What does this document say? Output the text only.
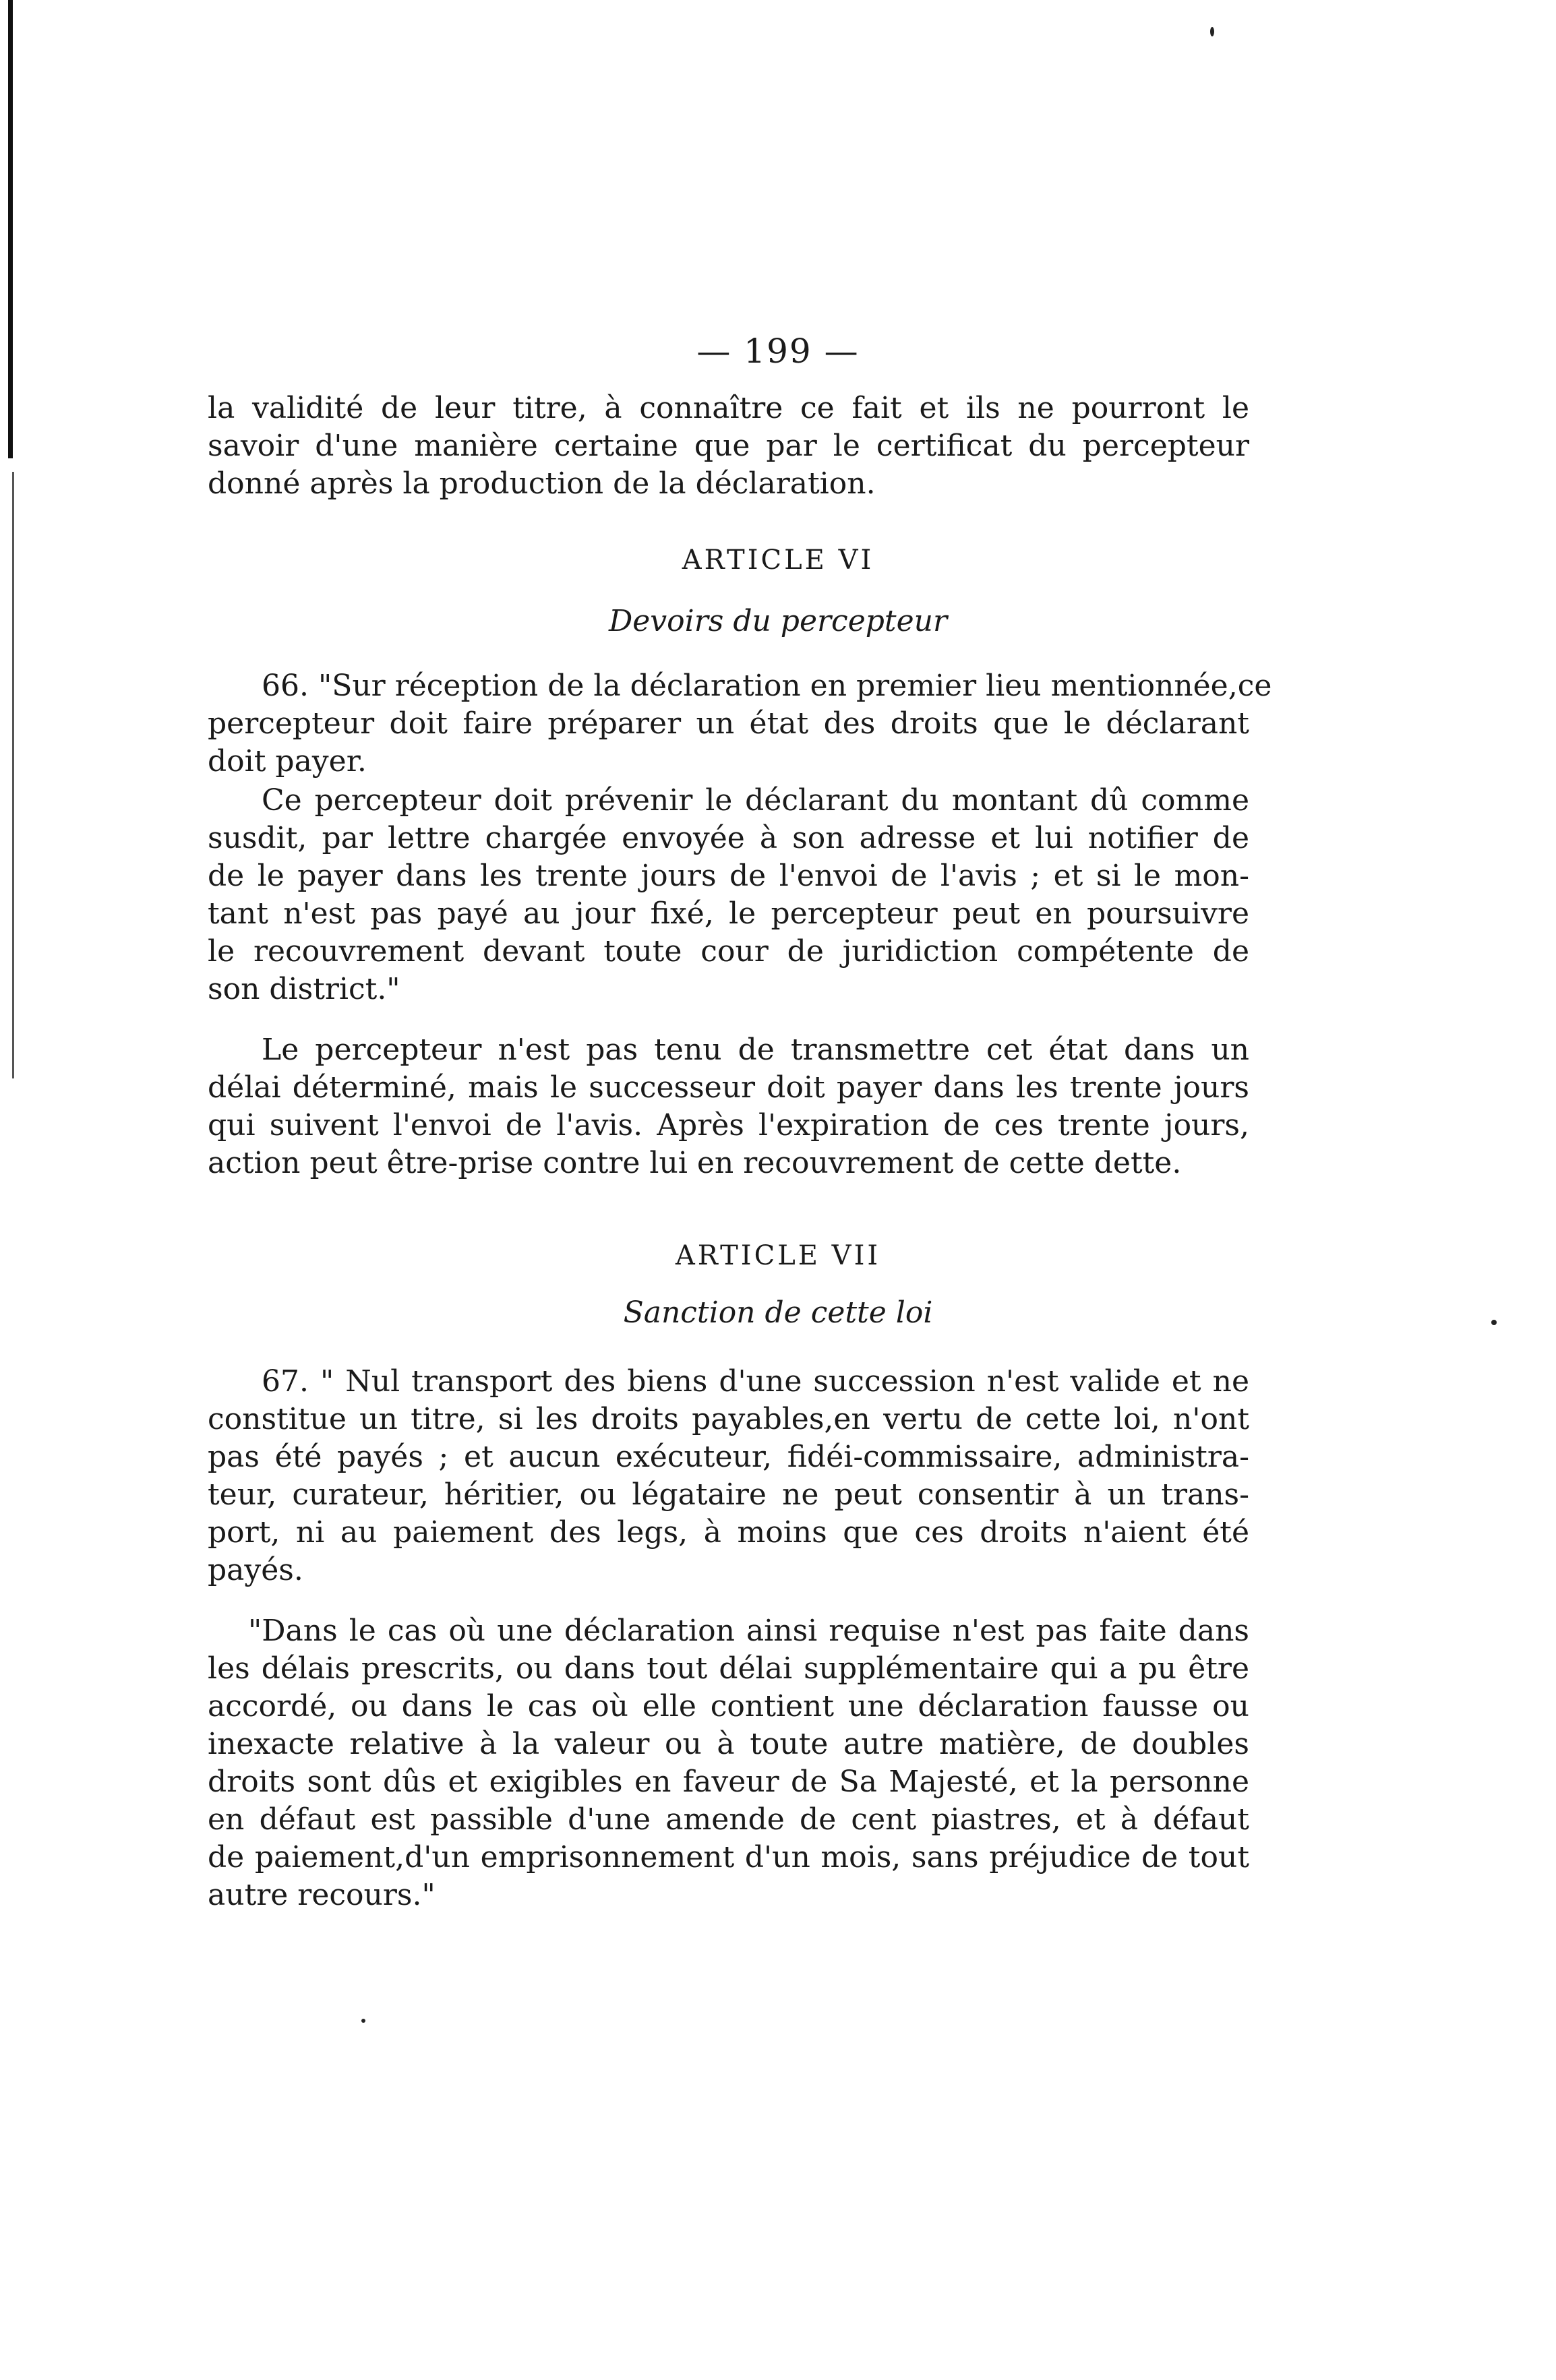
— 199 —
la validité de leur titre, à connaître ce fait et ils ne pourront le
savoir d'une manière certaine que par le certificat du percepteur
donné après la production de la déclaration.
ARTICLE VI
Devoirs du percepteur
66. "Sur réception de la déclaration en premier lieu mentionnée,ce
percepteur doit faire préparer un état des droits que le déclarant
doit payer.
Ce percepteur doit prévenir le déclarant du montant dû comme
susdit, par lettre chargée envoyée à son adresse et lui notifier de
de le payer dans les trente jours de l'envoi de l'avis ; et si le mon-
tant n'est pas payé au jour fixé, le percepteur peut en poursuivre
le recouvrement devant toute cour de juridiction compétente de
son district."
Le percepteur n'est pas tenu de transmettre cet état dans un
délai déterminé, mais le successeur doit payer dans les trente jours
qui suivent l'envoi de l'avis. Après l'expiration de ces trente jours,
action peut être-prise contre lui en recouvrement de cette dette.
ARTICLE VII
Sanction de cette loi
67. " Nul transport des biens d'une succession n'est valide et ne
constitue un titre, si les droits payables,en vertu de cette loi, n'ont
pas été payés ; et aucun exécuteur, fidéi-commissaire, administra-
teur, curateur, héritier, ou légataire ne peut consentir à un trans-
port, ni au paiement des legs, à moins que ces droits n'aient été
payés.
"Dans le cas où une déclaration ainsi requise n'est pas faite dans
les délais prescrits, ou dans tout délai supplémentaire qui a pu être
accordé, ou dans le cas où elle contient une déclaration fausse ou
inexacte relative à la valeur ou à toute autre matière, de doubles
droits sont dûs et exigibles en faveur de Sa Majesté, et la personne
en défaut est passible d'une amende de cent piastres, et à défaut
de paiement,d'un emprisonnement d'un mois, sans préjudice de tout
autre recours."
